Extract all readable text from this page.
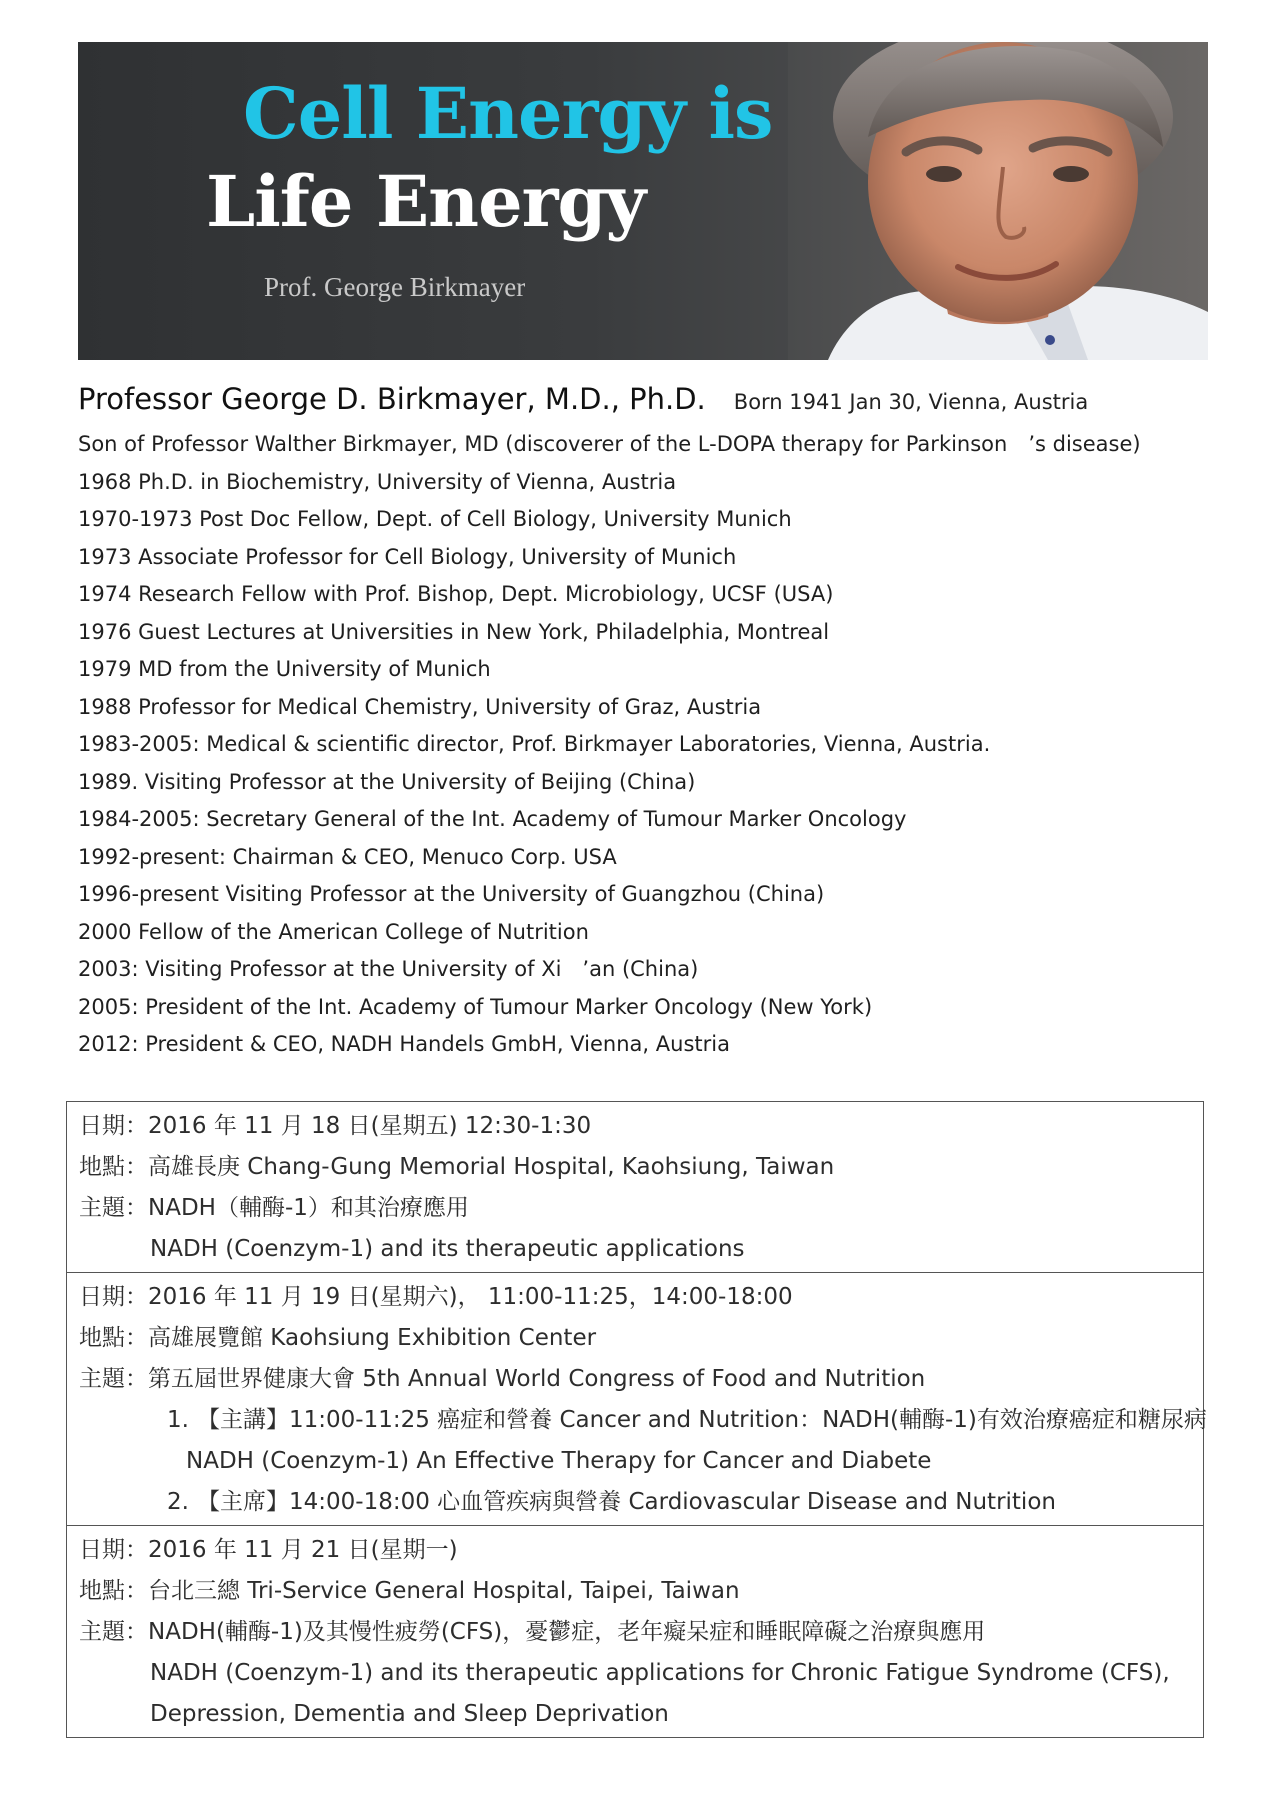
Cell Energy is
Life Energy
Prof. George Birkmayer
Professor George D. Birkmayer, M.D., Ph.D. Born 1941 Jan 30, Vienna, Austria
Son of Professor Walther Birkmayer, MD (discoverer of the L-DOPA therapy for Parkinson ’s disease)
1968 Ph.D. in Biochemistry, University of Vienna, Austria
1970-1973 Post Doc Fellow, Dept. of Cell Biology, University Munich
1973 Associate Professor for Cell Biology, University of Munich
1974 Research Fellow with Prof. Bishop, Dept. Microbiology, UCSF (USA)
1976 Guest Lectures at Universities in New York, Philadelphia, Montreal
1979 MD from the University of Munich
1988 Professor for Medical Chemistry, University of Graz, Austria
1983-2005: Medical & scientific director, Prof. Birkmayer Laboratories, Vienna, Austria.
1989. Visiting Professor at the University of Beijing (China)
1984-2005: Secretary General of the Int. Academy of Tumour Marker Oncology
1992-present: Chairman & CEO, Menuco Corp. USA
1996-present Visiting Professor at the University of Guangzhou (China)
2000 Fellow of the American College of Nutrition
2003: Visiting Professor at the University of Xi ’an (China)
2005: President of the Int. Academy of Tumour Marker Oncology (New York)
2012: President & CEO, NADH Handels GmbH, Vienna, Austria
日期：2016 年 11 月 18 日(星期五) 12:30-1:30
地點：高雄長庚 Chang-Gung Memorial Hospital, Kaohsiung, Taiwan
主題：NADH（輔酶-1）和其治療應用
NADH (Coenzym-1) and its therapeutic applications
日期：2016 年 11 月 19 日(星期六)， 11:00-11:25，14:00-18:00
地點：高雄展覽館 Kaohsiung Exhibition Center
主題：第五屆世界健康大會 5th Annual World Congress of Food and Nutrition
1. 【主講】11:00-11:25 癌症和營養 Cancer and Nutrition：NADH(輔酶-1)有效治療癌症和糖尿病
NADH (Coenzym-1) An Effective Therapy for Cancer and Diabete
2. 【主席】14:00-18:00 心血管疾病與營養 Cardiovascular Disease and Nutrition
日期：2016 年 11 月 21 日(星期一)
地點：台北三總 Tri-Service General Hospital, Taipei, Taiwan
主題：NADH(輔酶-1)及其慢性疲勞(CFS)，憂鬱症，老年癡呆症和睡眠障礙之治療與應用
NADH (Coenzym-1) and its therapeutic applications for Chronic Fatigue Syndrome (CFS),
Depression, Dementia and Sleep Deprivation
